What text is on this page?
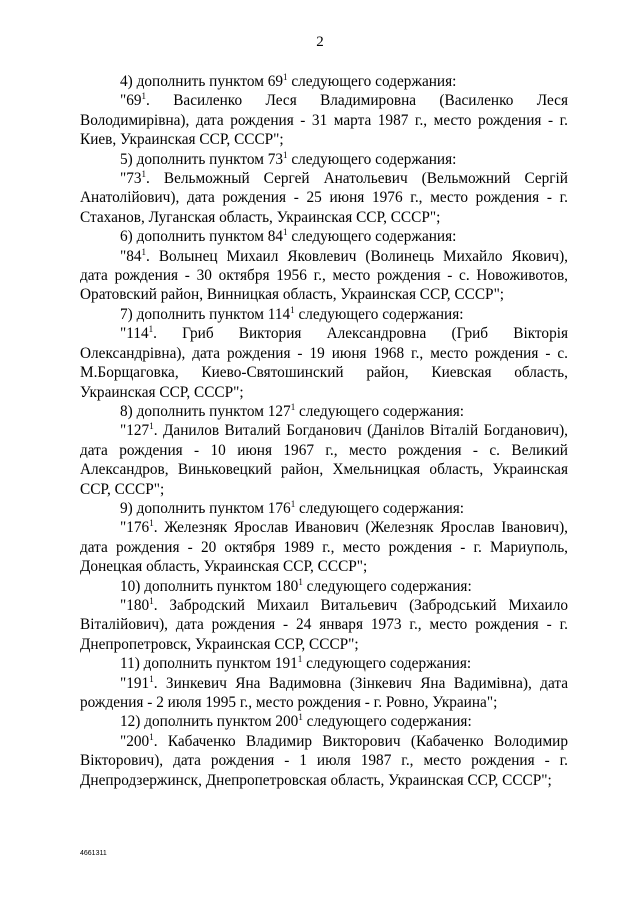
2

4) дополнить пунктом $69^1$ следующего содержания:

"$69^1$. Василенко Леся Владимировна (Василенко Леся Володимирівна), дата рождения - 31 марта 1987 г., место рождения - г. Киев, Украинская ССР, СССР";

5) дополнить пунктом $73^1$ следующего содержания:

"$73^1$. Вельможный Сергей Анатольевич (Вельможний Сергій Анатолійович), дата рождения - 25 июня 1976 г., место рождения - г. Стаханов, Луганская область, Украинская ССР, СССР";

6) дополнить пунктом $84^1$ следующего содержания:

"$84^1$. Волынец Михаил Яковлевич (Волинець Михайло Якович), дата рождения - 30 октября 1956 г., место рождения - с. Новоживотов, Оратовский район, Винницкая область, Украинская ССР, СССР";

7) дополнить пунктом $114^1$ следующего содержания:

"$114^1$. Гриб Виктория Александровна (Гриб Вікторія Олександрівна), дата рождения - 19 июня 1968 г., место рождения - с. М.Борщаговка, Киево-Святошинский район, Киевская область, Украинская ССР, СССР";

8) дополнить пунктом $127^1$ следующего содержания:

"$127^1$. Данилов Виталий Богданович (Данілов Віталій Богданович), дата рождения - 10 июня 1967 г., место рождения - с. Великий Александров, Виньковецкий район, Хмельницкая область, Украинская ССР, СССР";

9) дополнить пунктом $176^1$ следующего содержания:

"$176^1$. Железняк Ярослав Иванович (Железняк Ярослав Іванович), дата рождения - 20 октября 1989 г., место рождения - г. Мариуполь, Донецкая область, Украинская ССР, СССР";

10) дополнить пунктом $180^1$ следующего содержания:

"$180^1$. Забродский Михаил Витальевич (Забродський Михаило Віталійович), дата рождения - 24 января 1973 г., место рождения - г. Днепропетровск, Украинская ССР, СССР";

11) дополнить пунктом $191^1$ следующего содержания:

"$191^1$. Зинкевич Яна Вадимовна (Зінкевич Яна Вадимівна), дата рождения - 2 июля 1995 г., место рождения - г. Ровно, Украина";

12) дополнить пунктом $200^1$ следующего содержания:

"$200^1$. Кабаченко Владимир Викторович (Кабаченко Володимир Вікторович), дата рождения - 1 июля 1987 г., место рождения - г. Днепродзержинск, Днепропетровская область, Украинская ССР, СССР";

4661311
